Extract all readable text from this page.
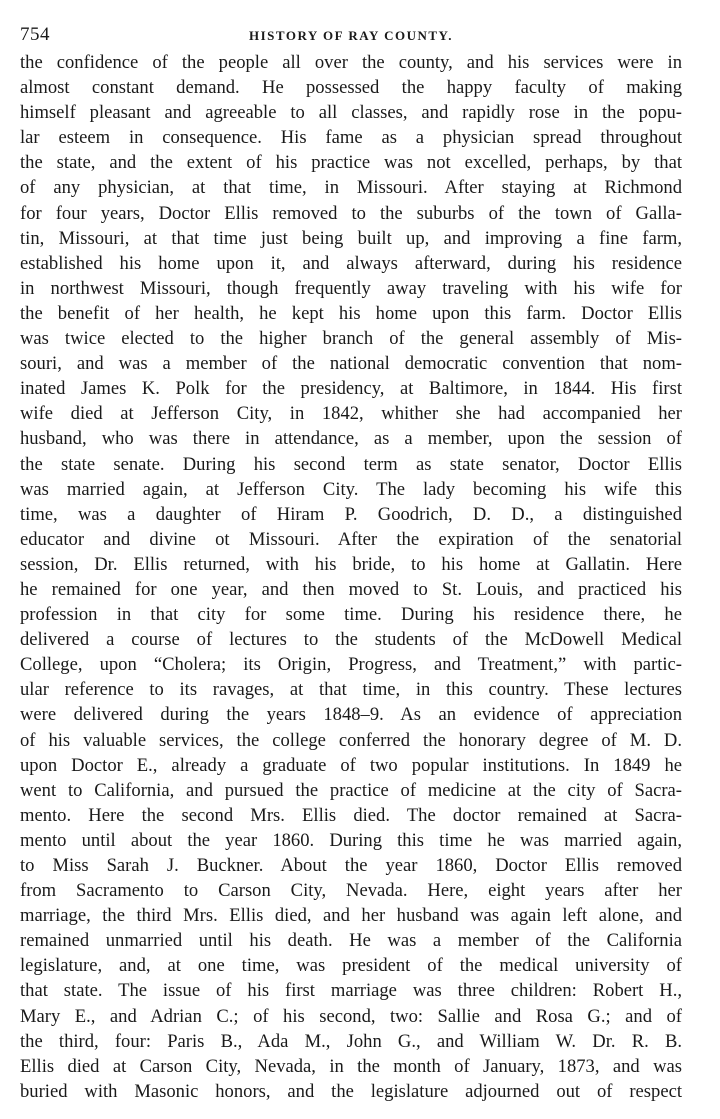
754	HISTORY OF RAY COUNTY.
the confidence of the people all over the county, and his services were in
almost constant demand. He possessed the happy faculty of making
himself pleasant and agreeable to all classes, and rapidly rose in the popu-
lar esteem in consequence. His fame as a physician spread throughout
the state, and the extent of his practice was not excelled, perhaps, by that
of any physician, at that time, in Missouri. After staying at Richmond
for four years, Doctor Ellis removed to the suburbs of the town of Galla-
tin, Missouri, at that time just being built up, and improving a fine farm,
established his home upon it, and always afterward, during his residence
in northwest Missouri, though frequently away traveling with his wife for
the benefit of her health, he kept his home upon this farm. Doctor Ellis
was twice elected to the higher branch of the general assembly of Mis-
souri, and was a member of the national democratic convention that nom-
inated James K. Polk for the presidency, at Baltimore, in 1844. His first
wife died at Jefferson City, in 1842, whither she had accompanied her
husband, who was there in attendance, as a member, upon the session of
the state senate. During his second term as state senator, Doctor Ellis
was married again, at Jefferson City. The lady becoming his wife this
time, was a daughter of Hiram P. Goodrich, D. D., a distinguished
educator and divine ot Missouri. After the expiration of the senatorial
session, Dr. Ellis returned, with his bride, to his home at Gallatin. Here
he remained for one year, and then moved to St. Louis, and practiced his
profession in that city for some time. During his residence there, he
delivered a course of lectures to the students of the McDowell Medical
College, upon “Cholera; its Origin, Progress, and Treatment,” with partic-
ular reference to its ravages, at that time, in this country. These lectures
were delivered during the years 1848–9. As an evidence of appreciation
of his valuable services, the college conferred the honorary degree of M. D.
upon Doctor E., already a graduate of two popular institutions. In 1849 he
went to California, and pursued the practice of medicine at the city of Sacra-
mento. Here the second Mrs. Ellis died. The doctor remained at Sacra-
mento until about the year 1860. During this time he was married again,
to Miss Sarah J. Buckner. About the year 1860, Doctor Ellis removed
from Sacramento to Carson City, Nevada. Here, eight years after her
marriage, the third Mrs. Ellis died, and her husband was again left alone, and
remained unmarried until his death. He was a member of the California
legislature, and, at one time, was president of the medical university of
that state. The issue of his first marriage was three children: Robert H.,
Mary E., and Adrian C.; of his second, two: Sallie and Rosa G.; and of
the third, four: Paris B., Ada M., John G., and William W. Dr. R. B.
Ellis died at Carson City, Nevada, in the month of January, 1873, and was
buried with Masonic honors, and the legislature adjourned out of respect
